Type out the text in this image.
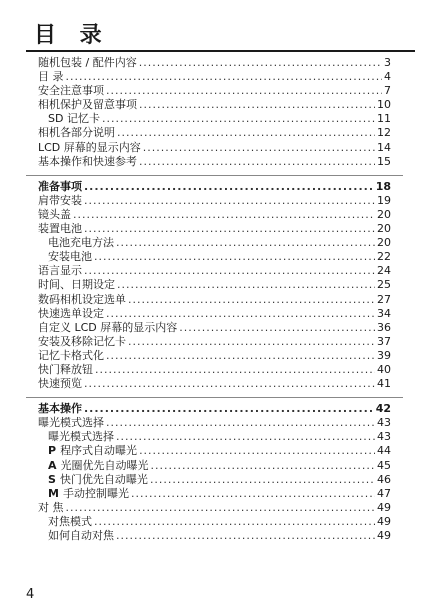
目 录
随机包装 / 配件内容 .....	3
目 录 .....	4
安全注意事项 .....	7
相机保护及留意事项 .....	10
SD 记忆卡 .....	11
相机各部分说明 .....	12
LCD 屏幕的显示内容 .....	14
基本操作和快速参考 .....	15
准备事项 .....	18
肩带安装 .....	19
镜头盖 .....	20
装置电池 .....	20
电池充电方法 .....	20
安装电池 .....	22
语言显示 .....	24
时间、日期设定 .....	25
数码相机设定选单 .....	27
快速选单设定 .....	34
自定义 LCD 屏幕的显示内容 .....	36
安装及移除记忆卡 .....	37
记忆卡格式化 .....	39
快门释放钮 .....	40
快速预览 .....	41
基本操作 .....	42
曝光模式选择 .....	43
曝光模式选择 .....	43
P 程序式自动曝光 .....	44
A 光圈优先自动曝光 .....	45
S 快门优先自动曝光 .....	46
M 手动控制曝光 .....	47
对 焦 .....	49
对焦模式 .....	49
如何自动对焦 .....	49
4
